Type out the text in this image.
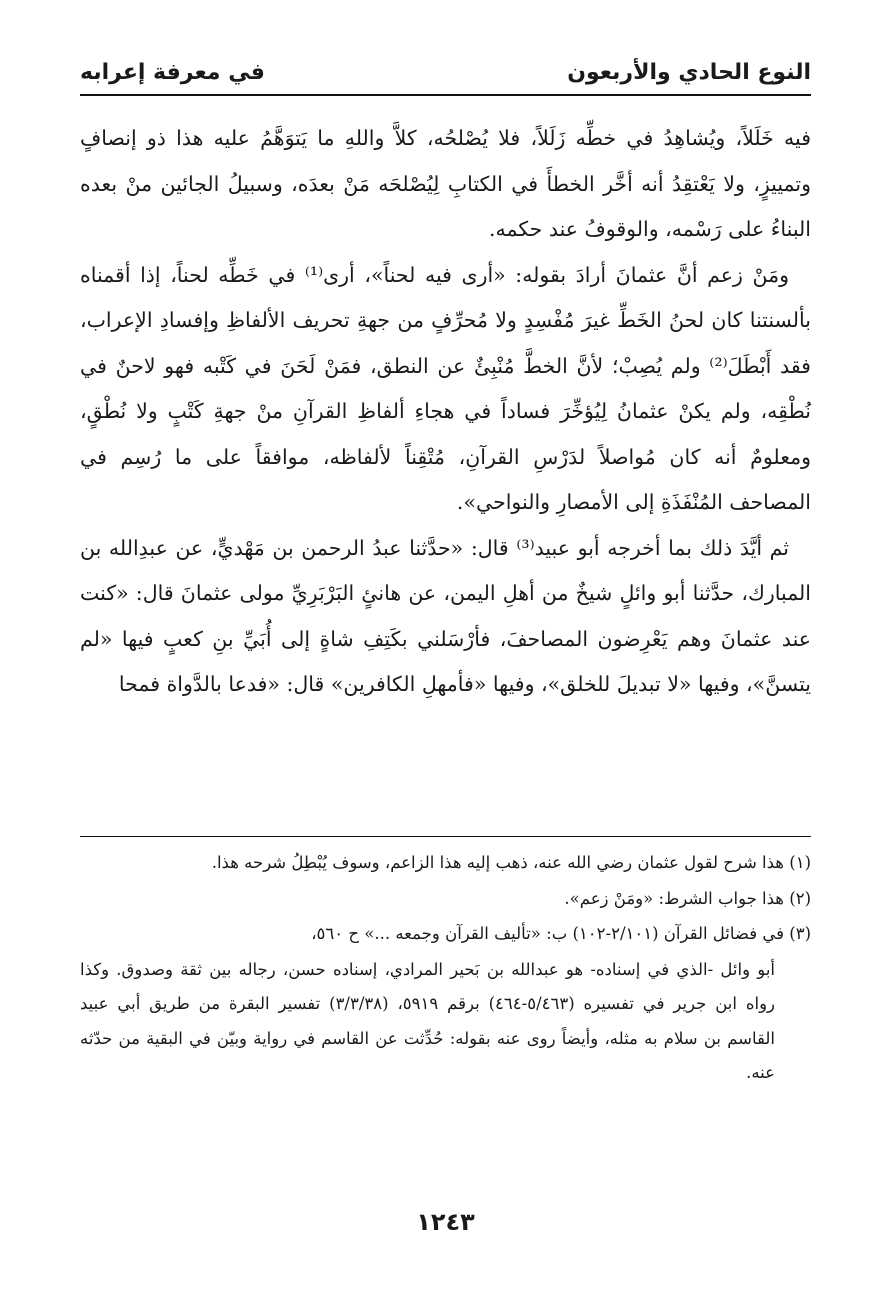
النوع الحادي والأربعون
في معرفة إعرابه

فيه خَلَلاً، ويُشاهِدُ في خطِّه زَلَلاً، فلا يُصْلحُه، كلاَّ واللهِ ما يَتوَهَّمُ عليه هذا ذو إنصافٍ وتمييزٍ، ولا يَعْتقِدُ أنه أخَّر الخطأَ في الكتابِ لِيُصْلحَه مَنْ بعدَه، وسبيلُ الجائين منْ بعده البناءُ على رَسْمه، والوقوفُ عند حكمه.

ومَنْ زعم أنَّ عثمانَ أرادَ بقوله: «أرى فيه لحناً»، أرى⁽¹⁾ في خَطِّه لحناً، إذا أقمناه بألسنتنا كان لحنُ الخَطِّ غيرَ مُفْسِدٍ ولا مُحرِّفٍ من جهةِ تحريف الألفاظِ وإفسادِ الإعراب، فقد أَبْطَلَ⁽²⁾ ولم يُصِبْ؛ لأنَّ الخطَّ مُنْبِئٌ عن النطق، فمَنْ لَحَنَ في كَتْبه فهو لاحنٌ في نُطْقِه، ولم يكنْ عثمانُ لِيُؤخِّرَ فساداً في هجاءِ ألفاظِ القرآنِ منْ جهةِ كَتْبٍ ولا نُطْقٍ، ومعلومٌ أنه كان مُواصلاً لدَرْسِ القرآنِ، مُتْقِناً لألفاظه، موافقاً على ما رُسِم في المصاحف المُنْفَذَةِ إلى الأمصارِ والنواحي».

ثم أيَّدَ ذلك بما أخرجه أبو عبيد⁽³⁾ قال: «حدَّثنا عبدُ الرحمن بن مَهْديٍّ، عن عبدِالله بن المبارك، حدَّثنا أبو وائلٍ شيخٌ من أهلِ اليمن، عن هانئٍ البَرْبَرِيِّ مولى عثمانَ قال: «كنت عند عثمانَ وهم يَعْرِضون المصاحفَ، فأرْسَلني بكَتِفِ شاةٍ إلى أُبَيِّ بنِ كعبٍ فيها «لم يتسنَّ»، وفيها «لا تبديلَ للخلق»، وفيها «فأمهلِ الكافرين» قال: «فدعا بالدَّواة فمحا

(١) هذا شرح لقول عثمان رضي الله عنه، ذهب إليه هذا الزاعم، وسوف يُبْطِلُ شرحه هذا.

(٢) هذا جواب الشرط: «ومَنْ زعم».

(٣) في فضائل القرآن (٢/١٠١-١٠٢) ب: «تأليف القرآن وجمعه ...» ح ٥٦٠،

أبو وائل -الذي في إسناده- هو عبدالله بن بَحير المرادي، إسناده حسن، رجاله بين ثقة وصدوق. وكذا رواه ابن جرير في تفسيره (٥/٤٦٣-٤٦٤) برقم ٥٩١٩، (٣/٣/٣٨) تفسير البقرة من طريق أبي عبيد القاسم بن سلام به مثله، وأيضاً روى عنه بقوله: حُدِّثت عن القاسم في رواية وبيّن في البقية من حدّثه عنه.

١٢٤٣
